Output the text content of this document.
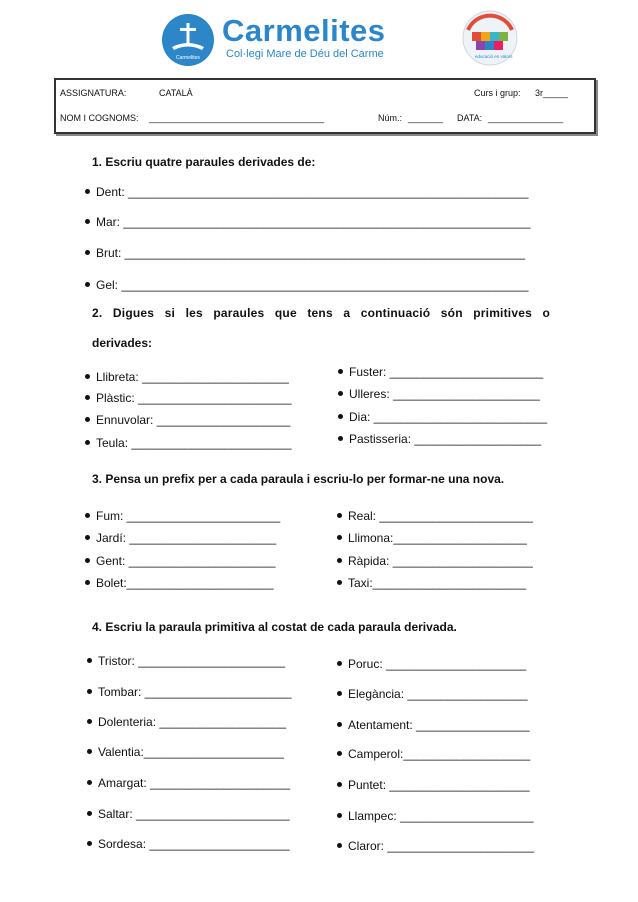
Carmelites
Carmelites
Col·legi Mare de Déu del Carme	educació en valors
ASSIGNATURA:	CATALÀ	Curs i grup: 3r_____
NOM I COGNOMS: ___________________________________	Núm.: _______ DATA: _______________
1. Escriu quatre paraules derivades de:
Dent: ____________________________________________________________
Mar: _____________________________________________________________
Brut: ____________________________________________________________
Gel: _____________________________________________________________
2. Digues si les paraules que tens a continuació són primitives o
derivades:
Llibreta: ______________________
Plàstic: _______________________
Ennuvolar: ____________________
Teula: ________________________
Fuster: _______________________
Ulleres: ______________________
Dia: __________________________
Pastisseria: ___________________
3. Pensa un prefix per a cada paraula i escriu-lo per formar-ne una nova.
Fum: _______________________
Jardí: ______________________
Gent: ______________________
Bolet:______________________
Real: _______________________
Llimona:____________________
Ràpida: _____________________
Taxi:_______________________
4. Escriu la paraula primitiva al costat de cada paraula derivada.
Tristor: ______________________
Tombar: ______________________
Dolenteria: ___________________
Valentia:_____________________
Amargat: _____________________
Saltar: _______________________
Sordesa: _____________________
Poruc: _____________________
Elegància: __________________
Atentament: _________________
Camperol:___________________
Puntet: _____________________
Llampec: ____________________
Claror: ______________________
